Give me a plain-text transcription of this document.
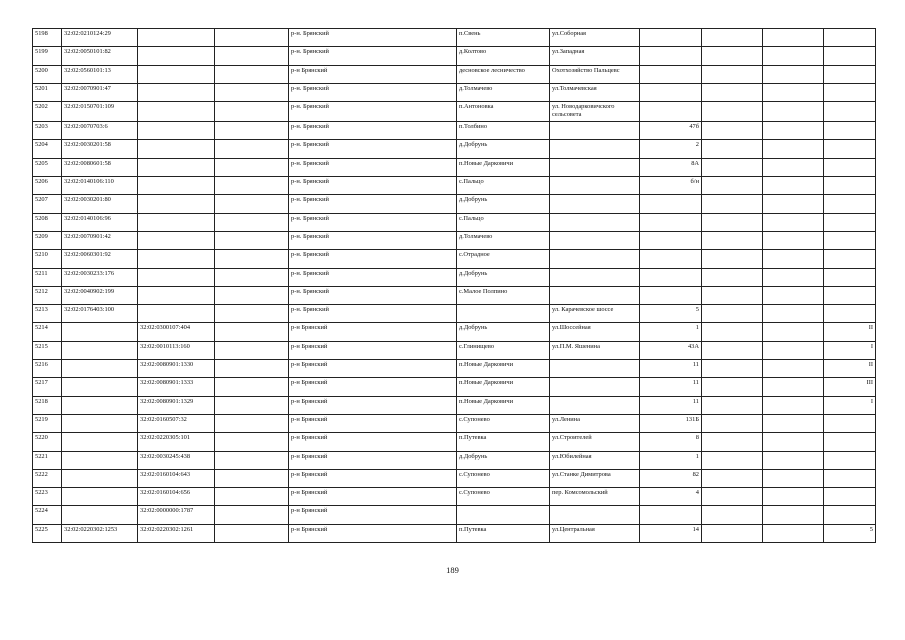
5198	32:02:0210124:29			р-н. Брянский	п.Свень	ул.Соборная				
5199	32:02:0050101:82			р-н. Брянский	д.Колтово	ул.Западная				
5200	32:02:0560101:13			р-н Брянский	десновское лесничество	Охотхозяйство Пальцевс				
5201	32:02:0070901:47			р-н. Брянский	д.Толмачево	ул.Толмачевская				
5202	32:02:0150701:109			р-н. Брянский	п.Антоновка	ул. Новодарковичского сельсовета				
5203	32:02:0070703:6			р-н. Брянский	п.Толбино		47б			
5204	32:02:0030201:58			р-н. Брянский	д.Добрунь		2			
5205	32:02:0080601:58			р-н. Брянский	п.Новые Дарковичи		8А			
5206	32:02:0140106:110			р-н. Брянский	с.Пальцо		б/н			
5207	32:02:0030201:80			р-н. Брянский	д.Добрунь					
5208	32:02:0140106:96			р-н. Брянский	с.Пальцо					
5209	32:02:0070901:42			р-н. Брянский	д.Толмачево					
5210	32:02:0060301:92			р-н. Брянский	с.Отрадное					
5211	32:02:0030233:176			р-н. Брянский	д.Добрунь					
5212	32:02:0040902:199			р-н. Брянский	с.Малое Полпино					
5213	32:02:0176403:100			р-н. Брянский		ул. Карачевское шоссе	5			
5214		32:02:0300107:404		р-н Брянский	д.Добрунь	ул.Шоссейная	1			II
5215		32:02:0010113:160		р-н Брянский	с.Глинищево	ул.П.М. Яшенина	43А			I
5216		32:02:0080901:1330		р-н Брянский	п.Новые Дарковичи		11			II
5217		32:02:0080901:1333		р-н Брянский	п.Новые Дарковичи		11			III
5218		32:02:0080901:1329		р-н Брянский	п.Новые Дарковичи		11			I
5219		32:02:0160507:32		р-н Брянский	с.Супонево	ул.Ленина	131Б			
5220		32:02:0220305:101		р-н Брянский	п.Путевка	ул.Строителей	8			
5221		32:02:0030245:438		р-н Брянский	д.Добрунь	ул.Юбилейная	1			
5222		32:02:0160104:643		р-н Брянский	с.Супонево	ул.Станке Димитрова	82			
5223		32:02:0160104:656		р-н Брянский	с.Супонево	пер. Комсомольский	4			
5224		32:02:0000000:1787		р-н Брянский						
5225	32:02:0220302:1253	32:02:0220302:1261		р-н Брянский	п.Путевка	ул.Центральная	14			5
189
